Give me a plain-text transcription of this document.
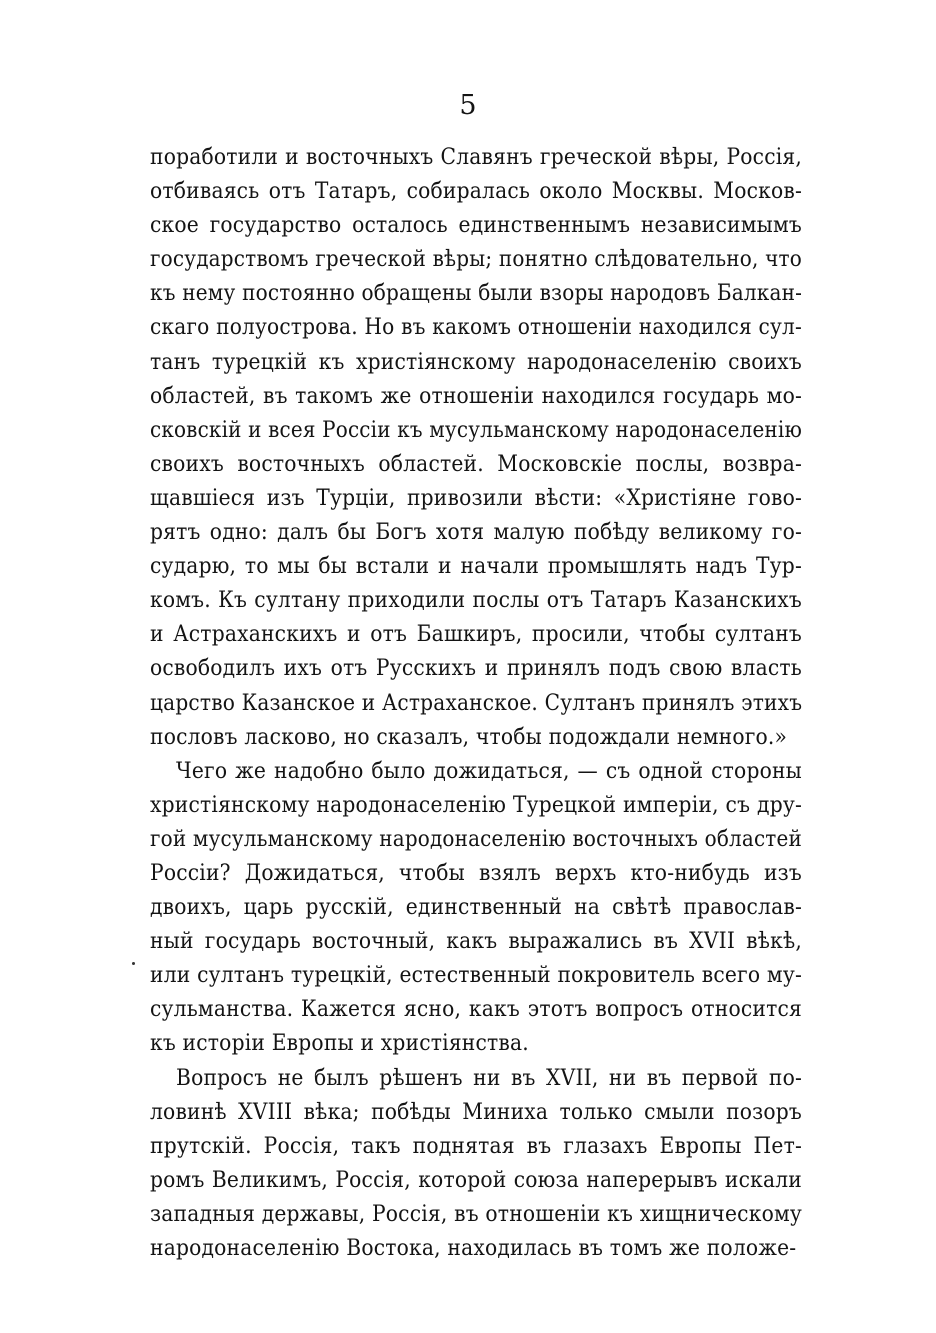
5
поработили и восточныхъ Славянъ греческой вѣры, Россія,
отбиваясь отъ Татаръ, собиралась около Москвы. Москов-
ское государство осталось единственнымъ независимымъ
государствомъ греческой вѣры; понятно слѣдовательно, что
къ нему постоянно обращены были взоры народовъ Балкан-
скаго полуострова. Но въ какомъ отношеніи находился сул-
танъ турецкій къ христіянскому народонаселенію своихъ
областей, въ такомъ же отношеніи находился государь мо-
сковскій и всея Россіи къ мусульманскому народонаселенію
своихъ восточныхъ областей. Московскіе послы, возвра-
щавшіеся изъ Турціи, привозили вѣсти: «Христіяне гово-
рятъ одно: далъ бы Богъ хотя малую побѣду великому го-
сударю, то мы бы встали и начали промышлять надъ Тур-
комъ. Къ султану приходили послы отъ Татаръ Казанскихъ
и Астраханскихъ и отъ Башкиръ, просили, чтобы султанъ
освободилъ ихъ отъ Русскихъ и принялъ подъ свою власть
царство Казанское и Астраханское. Султанъ принялъ этихъ
пословъ ласково, но сказалъ, чтобы подождали немного.»
Чего же надобно было дожидаться, — съ одной стороны
христіянскому народонаселенію Турецкой имперіи, съ дру-
гой мусульманскому народонаселенію восточныхъ областей
Россіи? Дожидаться, чтобы взялъ верхъ кто-нибудь изъ
двоихъ, царь русскій, единственный на свѣтѣ православ-
ный государь восточный, какъ выражались въ XVII вѣкѣ,
или султанъ турецкій, естественный покровитель всего му-
сульманства. Кажется ясно, какъ этотъ вопросъ относится
къ исторіи Европы и христіянства.
Вопросъ не былъ рѣшенъ ни въ XVII, ни въ первой по-
ловинѣ XVIII вѣка; побѣды Миниха только смыли позоръ
прутскій. Россія, такъ поднятая въ глазахъ Европы Пет-
ромъ Великимъ, Россія, которой союза наперерывъ искали
западныя державы, Россія, въ отношеніи къ хищническому
народонаселенію Востока, находилась въ томъ же положе-
